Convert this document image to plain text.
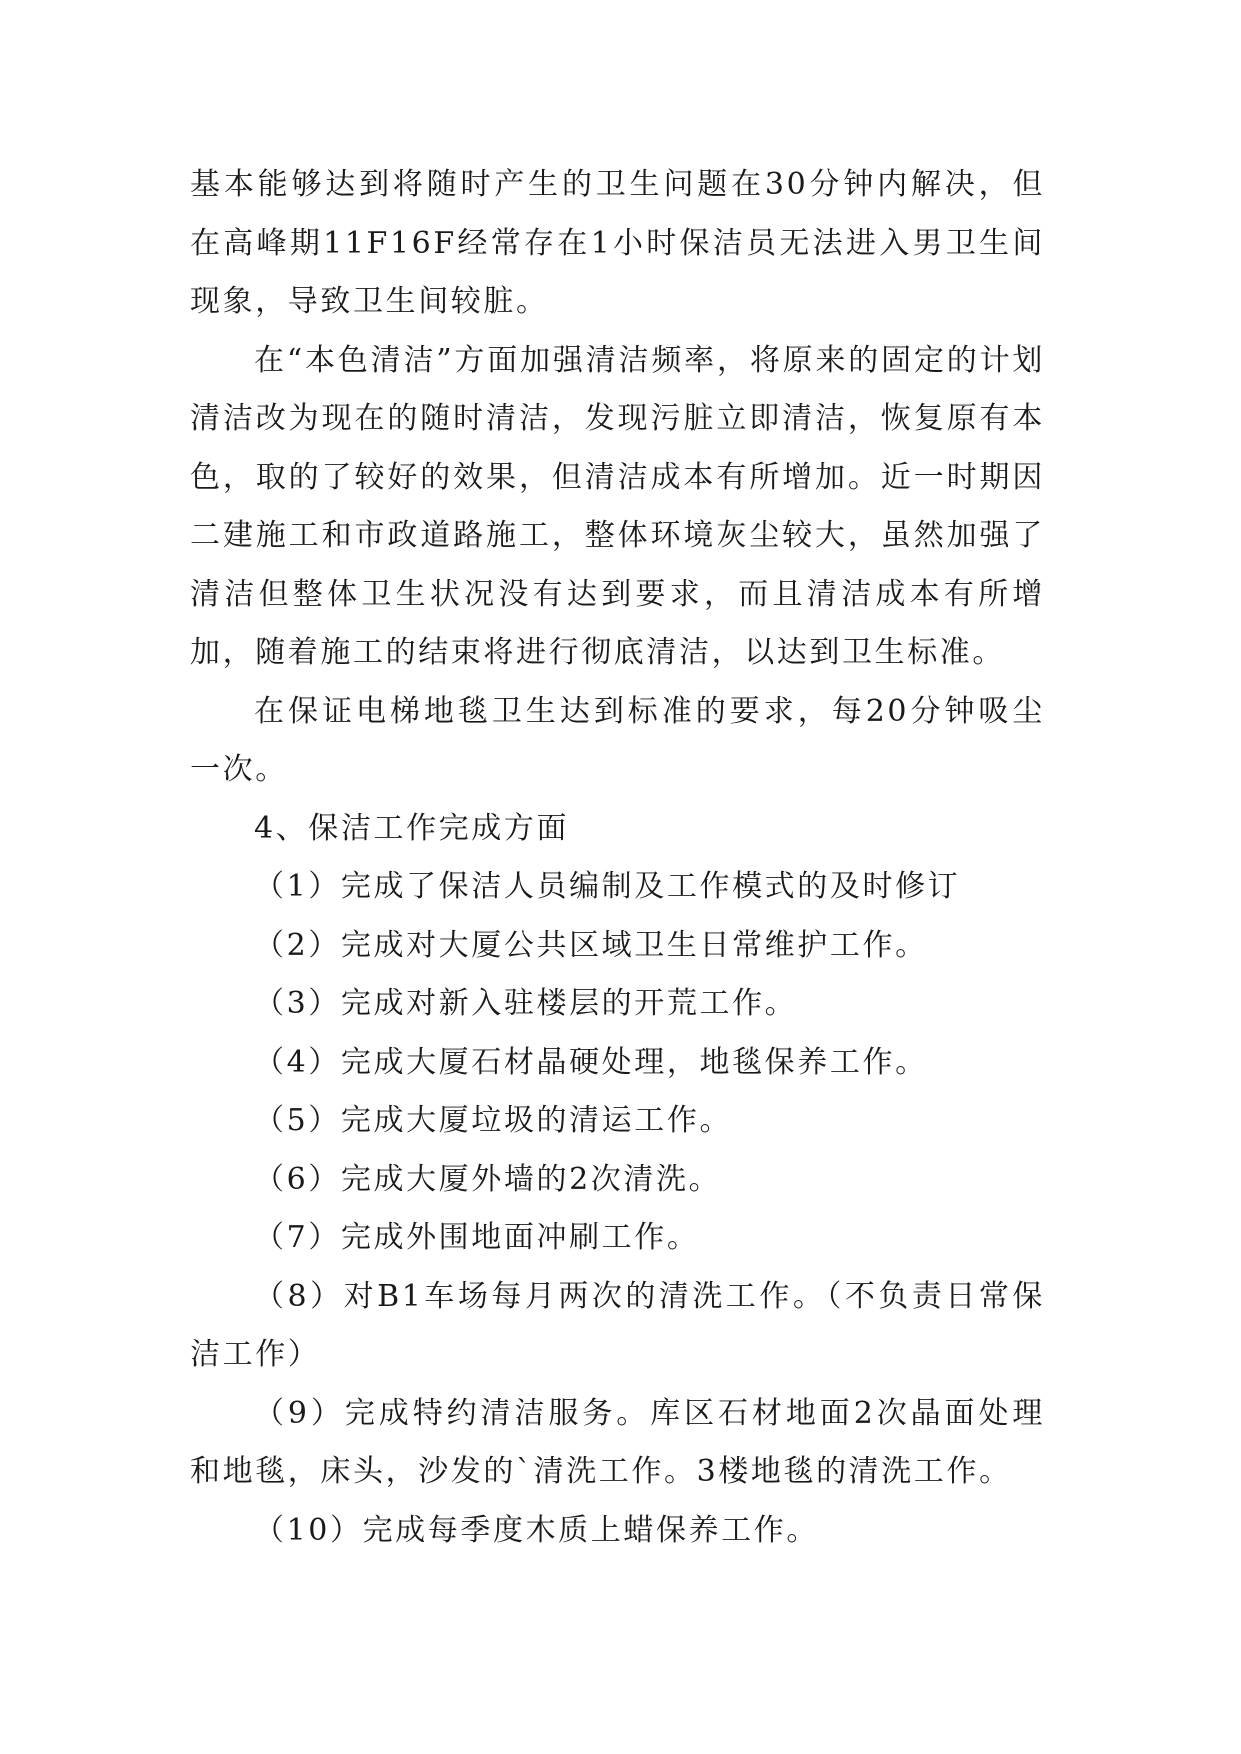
基本能够达到将随时产生的卫生问题在30分钟内解决，但在高峰期11F16F经常存在1小时保洁员无法进入男卫生间现象，导致卫生间较脏。

在“本色清洁”方面加强清洁频率，将原来的固定的计划清洁改为现在的随时清洁，发现污脏立即清洁，恢复原有本色，取的了较好的效果，但清洁成本有所增加。近一时期因二建施工和市政道路施工，整体环境灰尘较大，虽然加强了清洁但整体卫生状况没有达到要求，而且清洁成本有所增加，随着施工的结束将进行彻底清洁，以达到卫生标准。

在保证电梯地毯卫生达到标准的要求，每20分钟吸尘一次。

4、保洁工作完成方面

（1）完成了保洁人员编制及工作模式的及时修订

（2）完成对大厦公共区域卫生日常维护工作。

（3）完成对新入驻楼层的开荒工作。

（4）完成大厦石材晶硬处理，地毯保养工作。

（5）完成大厦垃圾的清运工作。

（6）完成大厦外墙的2次清洗。

（7）完成外围地面冲刷工作。

（8）对B1车场每月两次的清洗工作。（不负责日常保洁工作）

（9）完成特约清洁服务。库区石材地面2次晶面处理和地毯，床头，沙发的`清洗工作。3楼地毯的清洗工作。

（10）完成每季度木质上蜡保养工作。
